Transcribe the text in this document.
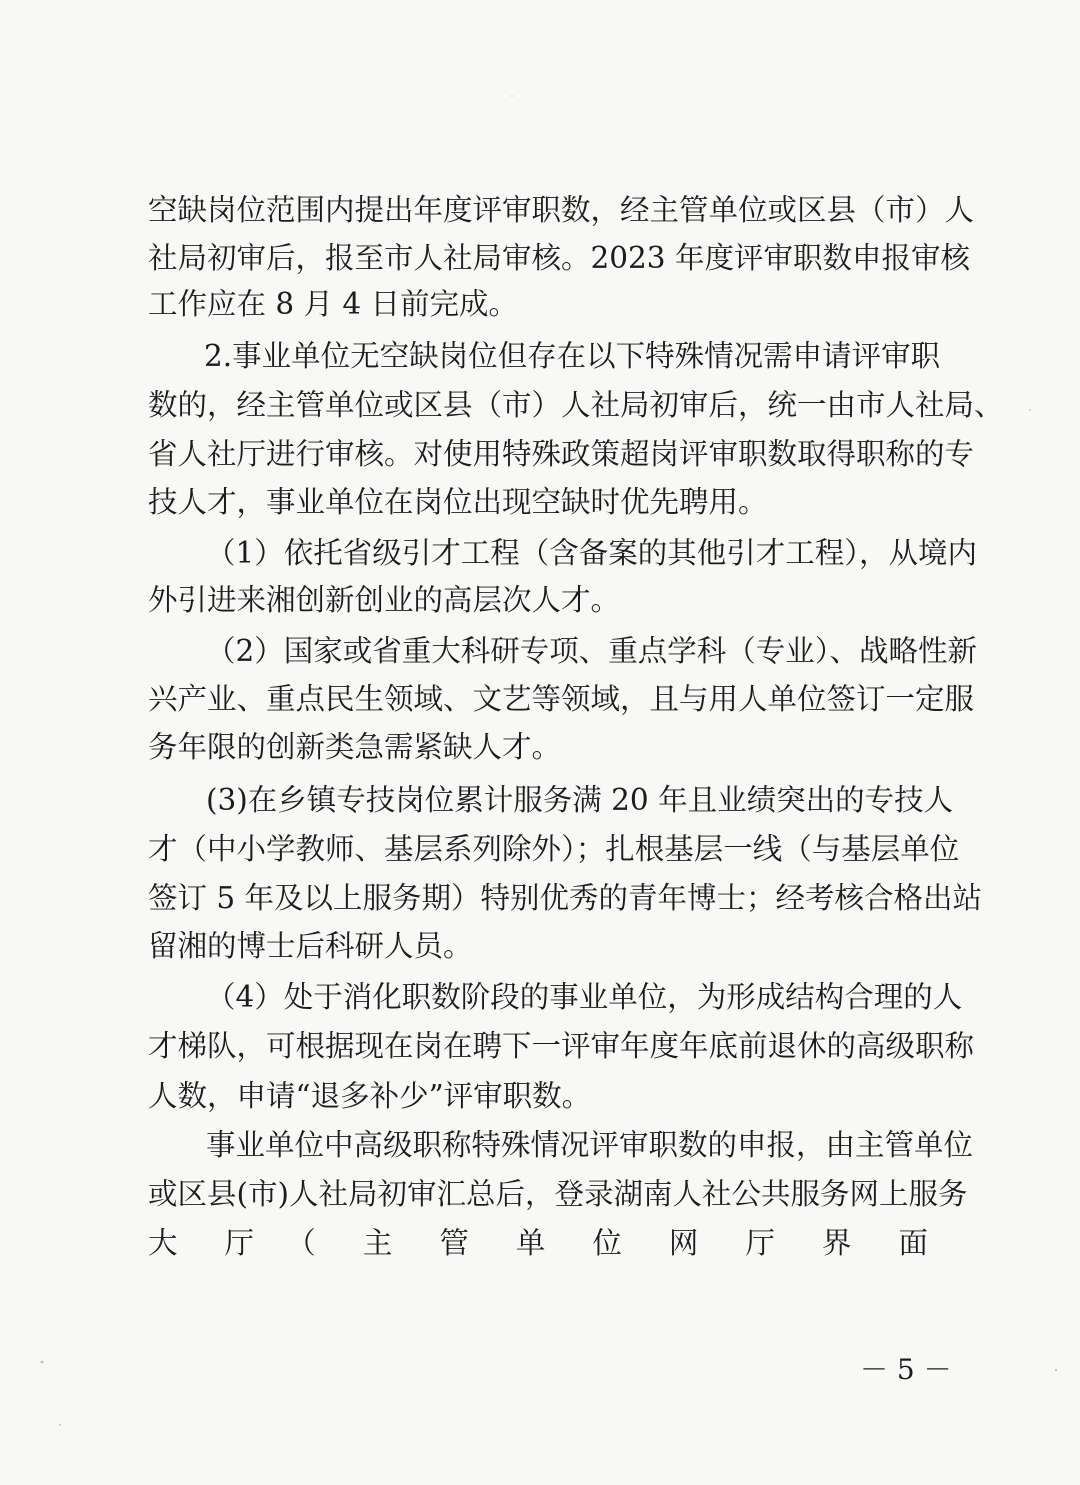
空缺岗位范围内提出年度评审职数，经主管单位或区县（市）人
社局初审后，报至市人社局审核。2023 年度评审职数申报审核
工作应在 8 月 4 日前完成。
2.事业单位无空缺岗位但存在以下特殊情况需申请评审职
数的，经主管单位或区县（市）人社局初审后，统一由市人社局、
省人社厅进行审核。对使用特殊政策超岗评审职数取得职称的专
技人才，事业单位在岗位出现空缺时优先聘用。
（1）依托省级引才工程（含备案的其他引才工程），从境内
外引进来湘创新创业的高层次人才。
（2）国家或省重大科研专项、重点学科（专业）、战略性新
兴产业、重点民生领域、文艺等领域，且与用人单位签订一定服
务年限的创新类急需紧缺人才。
(3)在乡镇专技岗位累计服务满 20 年且业绩突出的专技人
才（中小学教师、基层系列除外）；扎根基层一线（与基层单位
签订 5 年及以上服务期）特别优秀的青年博士；经考核合格出站
留湘的博士后科研人员。
（4）处于消化职数阶段的事业单位，为形成结构合理的人
才梯队，可根据现在岗在聘下一评审年度年底前退休的高级职称
人数，申请“退多补少”评审职数。
事业单位中高级职称特殊情况评审职数的申报，由主管单位
或区县(市)人社局初审汇总后，登录湖南人社公共服务网上服务
大　厅　（　主　管　单　位　网　厅　界　面
－ 5 －
